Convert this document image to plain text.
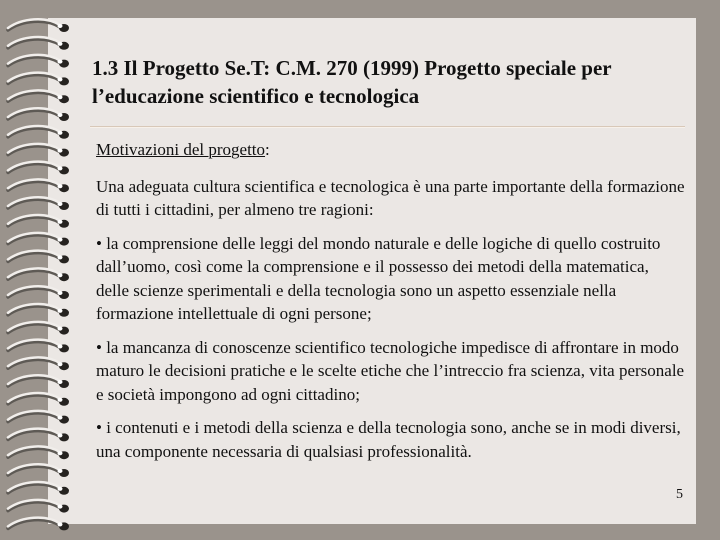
1.3 Il Progetto Se.T: C.M. 270 (1999) Progetto speciale per l’educazione scientifico e tecnologica

Motivazioni del progetto:

Una adeguata cultura scientifica e tecnologica è una parte importante della formazione di tutti i cittadini, per almeno tre ragioni:

• la comprensione delle leggi del mondo naturale e delle logiche di quello costruito dall’uomo, così come la comprensione e il possesso dei metodi della matematica, delle scienze sperimentali e della tecnologia sono un aspetto essenziale nella formazione intellettuale di ogni persone;

• la mancanza di conoscenze scientifico tecnologiche impedisce di affrontare in modo maturo le decisioni pratiche e le scelte etiche che l’intreccio fra scienza, vita personale e società impongono ad ogni cittadino;

• i contenuti e i metodi della scienza e della tecnologia sono, anche se in modi diversi, una componente necessaria di qualsiasi professionalità.

5
